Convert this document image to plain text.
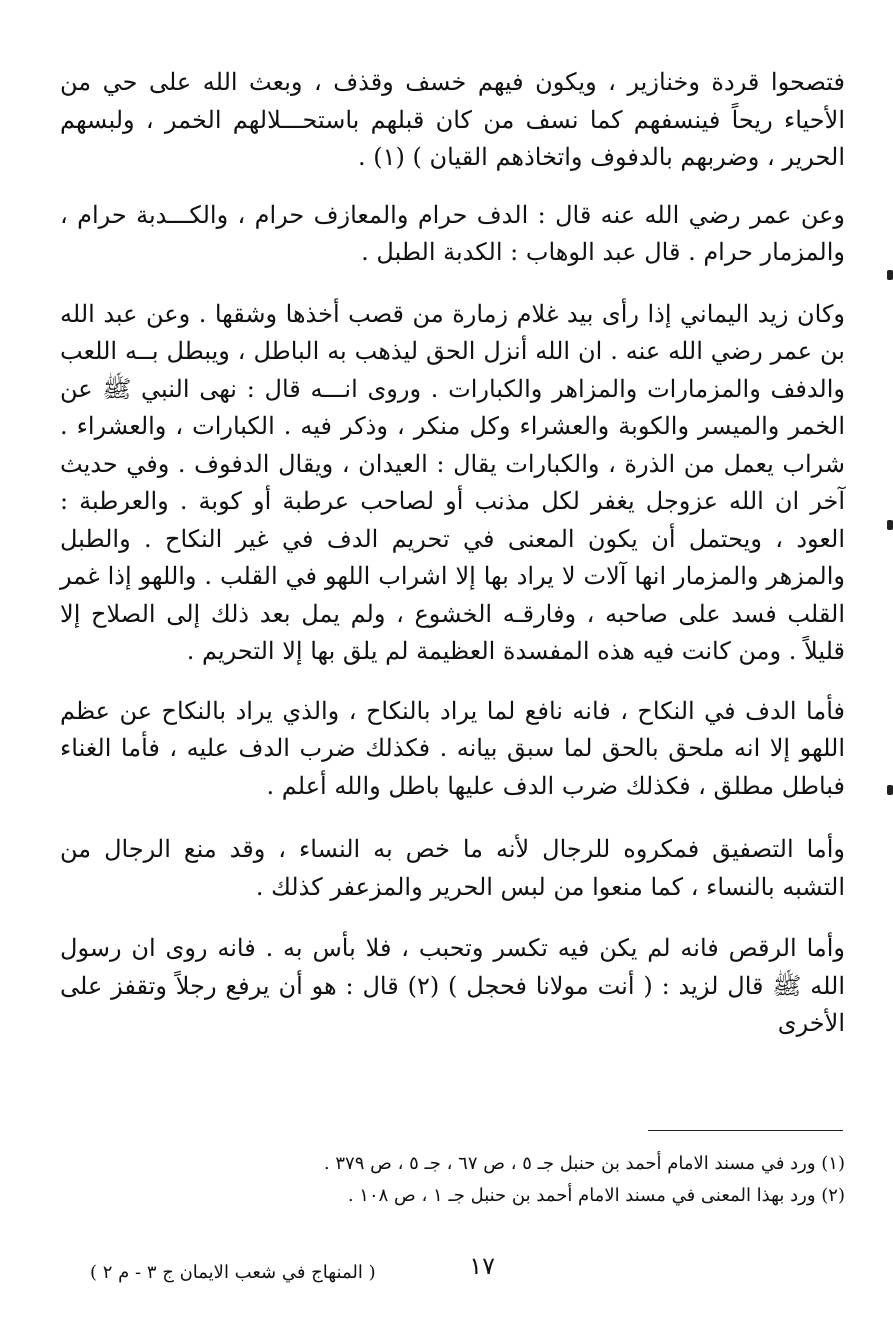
فتصحوا قردة وخنازير ، ويكون فيهم خسف وقذف ، وبعث الله على حي من الأحياء ريحاً فينسفهم كما نسف من كان قبلهم باستحـــلالهم الخمر ، ولبسهم الحرير ، وضربهم بالدفوف واتخاذهم القيان ) (١) .

وعن عمر رضي الله عنه قال : الدف حرام والمعازف حرام ، والكـــدبة حرام ، والمزمار حرام . قال عبد الوهاب : الكدبة الطبل .

وكان زيد اليماني إذا رأى بيد غلام زمارة من قصب أخذها وشقها . وعن عبد الله بن عمر رضي الله عنه . ان الله أنزل الحق ليذهب به الباطل ، ويبطل بــه اللعب والدفف والمزمارات والمزاهر والكبارات . وروى انـــه قال : نهى النبي ﷺ عن الخمر والميسر والكوبة والعشراء وكل منكر ، وذكر فيه . الكبارات ، والعشراء . شراب يعمل من الذرة ، والكبارات يقال : العيدان ، ويقال الدفوف . وفي حديث آخر ان الله عزوجل يغفر لكل مذنب أو لصاحب عرطبة أو كوبة . والعرطبة : العود ، ويحتمل أن يكون المعنى في تحريم الدف في غير النكاح . والطبل والمزهر والمزمار انها آلات لا يراد بها إلا اشراب اللهو في القلب . واللهو إذا غمر القلب فسد على صاحبه ، وفارقـه الخشوع ، ولم يمل بعد ذلك إلى الصلاح إلا قليلاً . ومن كانت فيه هذه المفسدة العظيمة لم يلق بها إلا التحريم .

فأما الدف في النكاح ، فانه نافع لما يراد بالنكاح ، والذي يراد بالنكاح عن عظم اللهو إلا انه ملحق بالحق لما سبق بيانه . فكذلك ضرب الدف عليه ، فأما الغناء فباطل مطلق ، فكذلك ضرب الدف عليها باطل والله أعلم .

وأما التصفيق فمكروه للرجال لأنه ما خص به النساء ، وقد منع الرجال من التشبه بالنساء ، كما منعوا من لبس الحرير والمزعفر كذلك .

وأما الرقص فانه لم يكن فيه تكسر وتحبب ، فلا بأس به . فانه روى ان رسول الله ﷺ قال لزيد : ( أنت مولانا فحجل ) (٢) قال : هو أن يرفع رجلاً وتقفز على الأخرى

(١) ورد في مسند الامام أحمد بن حنبل جـ ٥ ، ص ٦٧ ، جـ ٥ ، ص ٣٧٩ .

(٢) ورد بهذا المعنى في مسند الامام أحمد بن حنبل جـ ١ ، ص ١٠٨ .

١٧
( المنهاج في شعب الايمان ج ٣ - م ٢ )
